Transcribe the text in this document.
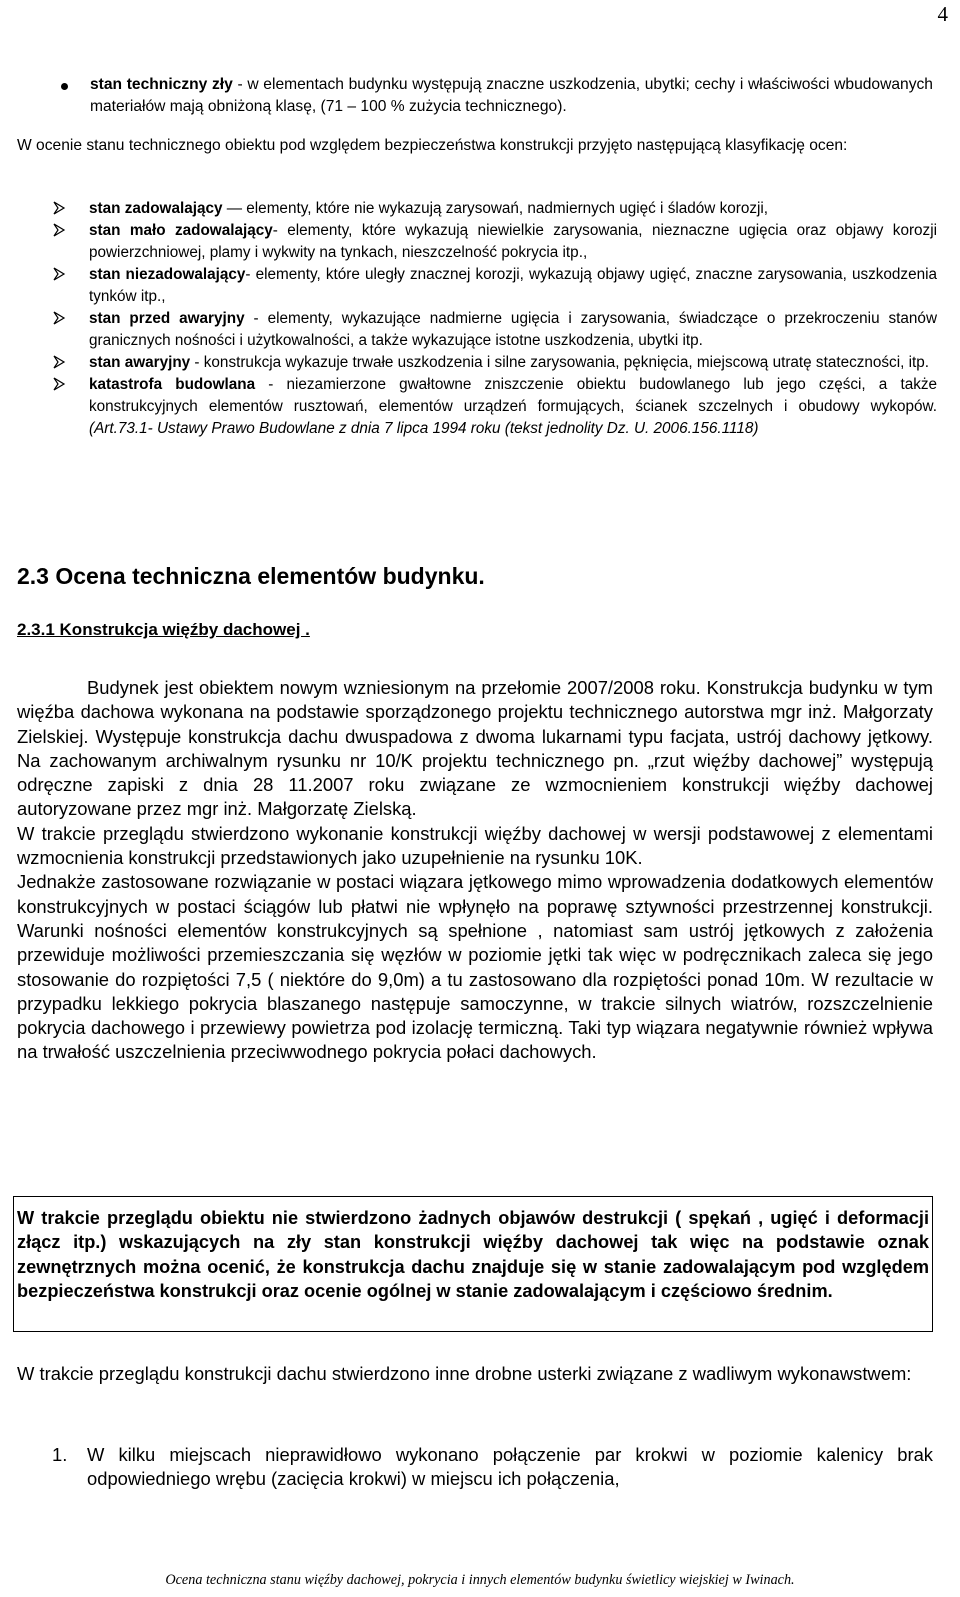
4
stan techniczny zły - w elementach budynku występują znaczne uszkodzenia, ubytki; cechy i właściwości wbudowanych materiałów mają obniżoną klasę, (71 – 100 % zużycia technicznego).
W ocenie stanu technicznego obiektu pod względem bezpieczeństwa konstrukcji przyjęto następującą klasyfikację ocen:
stan zadowalający — elementy, które nie wykazują zarysowań, nadmiernych ugięć i śladów korozji,
stan mało zadowalający- elementy, które wykazują niewielkie zarysowania, nieznaczne ugięcia oraz objawy korozji powierzchniowej, plamy i wykwity na tynkach, nieszczelność pokrycia itp.,
stan niezadowalający- elementy, które uległy znacznej korozji, wykazują objawy ugięć, znaczne zarysowania, uszkodzenia tynków itp.,
stan przed awaryjny - elementy, wykazujące nadmierne ugięcia i zarysowania, świadczące o przekroczeniu stanów granicznych nośności i użytkowalności, a także wykazujące istotne uszkodzenia, ubytki itp.
stan awaryjny - konstrukcja wykazuje trwałe uszkodzenia i silne zarysowania, pęknięcia, miejscową utratę stateczności, itp.
katastrofa budowlana - niezamierzone gwałtowne zniszczenie obiektu budowlanego lub jego części, a także konstrukcyjnych elementów rusztowań, elementów urządzeń formujących, ścianek szczelnych i obudowy wykopów. (Art.73.1- Ustawy Prawo Budowlane z dnia 7 lipca 1994 roku (tekst jednolity Dz. U. 2006.156.1118)
2.3 Ocena techniczna elementów budynku.
2.3.1 Konstrukcja więźby dachowej .

Budynek jest obiektem nowym wzniesionym na przełomie 2007/2008 roku. Konstrukcja budynku w tym więźba dachowa wykonana na podstawie sporządzonego projektu technicznego autorstwa mgr inż. Małgorzaty Zielskiej. Występuje konstrukcja dachu dwuspadowa z dwoma lukarnami typu facjata, ustrój dachowy jętkowy. Na zachowanym archiwalnym rysunku nr 10/K projektu technicznego pn. „rzut więźby dachowej” występują odręczne zapiski z dnia 28 11.2007 roku związane ze wzmocnieniem konstrukcji więźby dachowej autoryzowane przez mgr inż. Małgorzatę Zielską.

W trakcie przeglądu stwierdzono wykonanie konstrukcji więźby dachowej w wersji podstawowej z elementami wzmocnienia konstrukcji przedstawionych jako uzupełnienie na rysunku 10K.

Jednakże zastosowane rozwiązanie w postaci wiązara jętkowego mimo wprowadzenia dodatkowych elementów konstrukcyjnych w postaci ściągów lub płatwi nie wpłynęło na poprawę sztywności przestrzennej konstrukcji. Warunki nośności elementów konstrukcyjnych są spełnione , natomiast sam ustrój jętkowych z założenia przewiduje możliwości przemieszczania się węzłów w poziomie jętki tak więc w podręcznikach zaleca się jego stosowanie do rozpiętości 7,5 ( niektóre do 9,0m) a tu zastosowano dla rozpiętości ponad 10m. W rezultacie w przypadku lekkiego pokrycia blaszanego następuje samoczynne, w trakcie silnych wiatrów, rozszczelnienie pokrycia dachowego i przewiewy powietrza pod izolację termiczną. Taki typ wiązara negatywnie również wpływa na trwałość uszczelnienia przeciwwodnego pokrycia połaci dachowych.

W trakcie przeglądu obiektu nie stwierdzono żadnych objawów destrukcji ( spękań , ugięć i deformacji złącz itp.) wskazujących na zły stan konstrukcji więźby dachowej tak więc na podstawie oznak zewnętrznych można ocenić, że konstrukcja dachu znajduje się w stanie zadowalającym pod względem bezpieczeństwa konstrukcji oraz ocenie ogólnej w stanie zadowalającym i częściowo średnim.
W trakcie przeglądu konstrukcji dachu stwierdzono inne drobne usterki związane z wadliwym wykonawstwem:
1. W kilku miejscach nieprawidłowo wykonano połączenie par krokwi w poziomie kalenicy brak odpowiedniego wrębu (zacięcia krokwi) w miejscu ich połączenia,
Ocena techniczna stanu więźby dachowej, pokrycia i innych elementów budynku świetlicy wiejskiej w Iwinach.
